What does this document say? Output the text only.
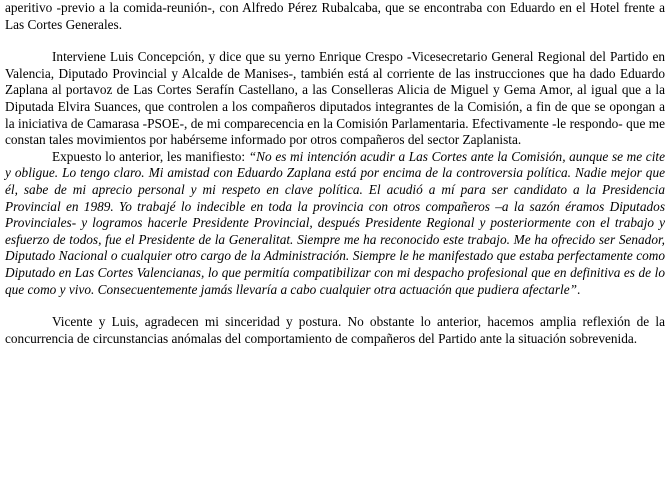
aperitivo -previo a la comida-reunión-, con Alfredo Pérez Rubalcaba, que se encontraba con Eduardo en el Hotel frente a Las Cortes Generales.

Interviene Luis Concepción, y dice que su yerno Enrique Crespo -Vicesecretario General Regional del Partido en Valencia, Diputado Provincial y Alcalde de Manises-, también está al corriente de las instrucciones que ha dado Eduardo Zaplana al portavoz de Las Cortes Serafín Castellano, a las Conselleras Alicia de Miguel y Gema Amor, al igual que a la Diputada Elvira Suances, que controlen a los compañeros diputados integrantes de la Comisión, a fin de que se opongan a la iniciativa de Camarasa -PSOE-, de mi comparecencia en la Comisión Parlamentaria. Efectivamente -le respondo- que me constan tales movimientos por habérseme informado por otros compañeros del sector Zaplanista.

Expuesto lo anterior, les manifiesto: “No es mi intención acudir a Las Cortes ante la Comisión, aunque se me cite y obligue. Lo tengo claro. Mi amistad con Eduardo Zaplana está por encima de la controversia política. Nadie mejor que él, sabe de mi aprecio personal y mi respeto en clave política. El acudió a mí para ser candidato a la Presidencia Provincial en 1989. Yo trabajé lo indecible en toda la provincia con otros compañeros –a la sazón éramos Diputados Provinciales- y logramos hacerle Presidente Provincial, después Presidente Regional y posteriormente con el trabajo y esfuerzo de todos, fue el Presidente de la Generalitat. Siempre me ha reconocido este trabajo. Me ha ofrecido ser Senador, Diputado Nacional o cualquier otro cargo de la Administración. Siempre le he manifestado que estaba perfectamente como Diputado en Las Cortes Valencianas, lo que permitía compatibilizar con mi despacho profesional que en definitiva es de lo que como y vivo. Consecuentemente jamás llevaría a cabo cualquier otra actuación que pudiera afectarle”.

Vicente y Luis, agradecen mi sinceridad y postura. No obstante lo anterior, hacemos amplia reflexión de la concurrencia de circunstancias anómalas del comportamiento de compañeros del Partido ante la situación sobrevenida.
